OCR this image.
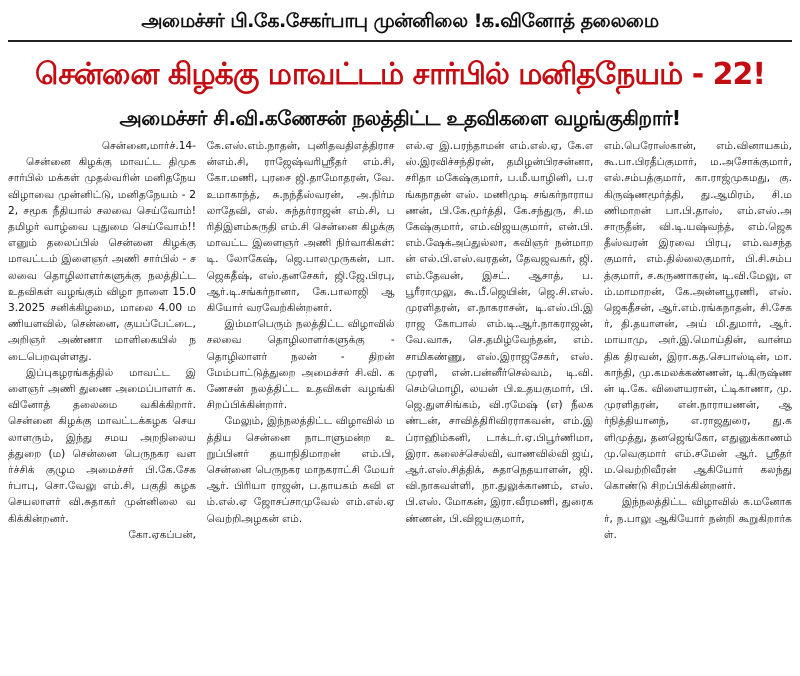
அமைச்சர் பி.கே.சேகர்பாபு முன்னிலை !க.வினோத் தலைமை
சென்னை கிழக்கு மாவட்டம் சார்பில் மனிதநேயம் - 22!
அமைச்சர் சி.வி.கணேசன் நலத்திட்ட உதவிகளை வழங்குகிறார்!

சென்னை,மார்ச்.14-

சென்னை கிழக்கு மாவட்ட திமுக சார்பில் மக்கள் முதல்வரின் மனிதநேய விழாவை முன்னிட்டு, மனிதநேயம் - 22, சமூக நீதியால் சலவை செய்வோம்! தமிழர் வாழ்வை புதுமை செய்வோம்!! எனும் தலைப்பில் சென்னை கிழக்கு மாவட்டம் இளைஞர் அணி சார்பில் - சலவை தொழிலாளர்களுக்கு நலத்திட்ட உதவிகள் வழங்கும் விழா நாளை 15.03.2025 சனிக்கிழமை, மாலை 4.00 மணியளவில், சென்னை, குயப்பேட்டை, அறிஞர் அண்ணா மாளிகையில் நடைபெறவுள்ளது.

இப்புகழரங்கத்தில் மாவட்ட இளைஞர் அணி துணை அமைப்பாளர் க. வினோத் தலைமை வகிக்கிறார். சென்னை கிழக்கு மாவட்டக்கழக செயலாளரும், இந்து சமய அறநிலையத்துறை (ம) சென்னை பெருநகர வளர்ச்சிக் குழும அமைச்சர் பி.கே.சேகர்பாபு, சொ.வேலு எம்.சி, பகுதி கழக செயலாளர் வி.சுதாகர் முன்னிலை வகிக்கின்றனர்.

கோ.ஏகப்பன்,

கே.எஸ்.எம்.நாதன், புனிதவதிஎத்திராசன்எம்.சி, ராஜேஷ்வரிஸ்ரீதர் எம்.சி, கோ.மணி, புரசை ஜி.தாமோதரன், வே.உமாகாந்த், சு.நந்தீஸ்வரன், அ.நிர்மலாதேவி, எல். சுந்தர்ராஜன் எம்.சி, பரிதிஇளம்சுருதி எம்.சி சென்னை கிழக்கு மாவட்ட இளைஞர் அணி நிர்வாகிகள்: டி. லோகேஷ், ஜெ.பாலமுருகன், பா.ஜெகதீஷ், எஸ்.தனசேகர், ஜி.ஜே.பிரபு, ஆர்.டி.சங்கர்நானா, கே.பாலாஜி ஆகியோர் வரவேற்கின்றனர்.

இம்மாபெரும் நலத்திட்ட விழாவில் சலவை தொழிலாளர்களுக்கு - தொழிலாளர் நலன் - திறன் மேம்பாட்டுத்துறை அமைச்சர் சி.வி. கணேசன் நலத்திட்ட உதவிகள் வழங்கி சிறப்பிக்கின்றார்.

மேலும், இந்நலத்திட்ட விழாவில் மத்திய சென்னை நாடாளுமன்ற உறுப்பினர் தயாநிதிமாறன் எம்.பி, சென்னை பெருநகர மாநகராட்சி மேயர் ஆர். பிரியா ராஜன், ப.தாயகம் கவி எம்.எல்.ஏ ஜோசப்சாமுவேல் எம்.எல்.ஏ வெற்றிஅழகன் எம்.

எல்.ஏ இ.பரந்தாமன் எம்.எல்.ஏ, கே.எஸ்.இரவிச்சந்திரன், தமிழன்பிரசன்னா, சரிதா மகேஷ்குமார், ப.மீ.யாழினி, ப.ரங்கநாதன் எஸ். மணிமுடி சங்கர்நாராயணன், பி.கே.மூர்த்தி, கே.சந்துரு, சி.மகேஷ்குமார், எம்.விஜயகுமார், என்.பி.எம்.ஷேக்அப்துல்லா, கவிஞர் நன்மாறன் எல்.பி.எஸ்.வரதன், தேவஜவகர், ஜி.எம்.தேவன், இசட். ஆசாத், ப.பூரீராமுலு, கூ.பீ.ஜெயின், ஜெ.சி.எஸ்.முரளிதரன், எ.நாகராசன், டி.எஸ்.பி.இராஜ கோபால் எம்.டி.ஆர்.நாகராஜன், வே.வாசு, செ.தமிழ்வேந்தன், எம்.சாமிகண்ணு, எஸ்.இராஜசேகர், எஸ்.முரளி, என்.பன்னீர்செல்வம், டி.வி.செம்மொழி, லயன் பி.உதயகுமார், பி.ஜெ.துளசிங்கம், வி.ரமேஷ் (எ) நீலகண்டன், சாவித்திரிவிரராகவன், எம்.இப்ராஹிம்கனி, டாக்டர்.ஏ.பிபூர்ணிமா, இரா. கலைச்செல்வி, வாணவில்வி ஜய், ஆர்.எஸ்.சித்திக், சுதாநெதயாளன், ஜி.வி.நாகவள்ளி, நா.துலுக்காணம், எஸ்.பி.எஸ். மோகன், இரா.வீரமணி, துரைகண்ணன், பி.விஜயகுமார்,

எம்.பெரோஸ்கான், எம்.வினாயகம், கூ.பா.பிரதீப்குமார், ம.அசோக்குமார், எல்.சம்பத்குமார், கா.ராஜ்முகமது, கு.கிருஷ்ணமூர்த்தி, து.ஆமிரம், சி.மணிமாறன் பா.பி.தாஸ், எம்.எஸ்.அசாருதீன், வி.டி.யஷ்வந்த், எம்.ஜெகதீஸ்வரன் இரவை பிரபு, எம்.வசந்த குமார், எம்.தில்லைகுமார், பி.சி.சம்பத்குமார், ச.கருணாகரன், டி.வி.மேலு, எம்.மாமாறன், கே.அன்னபூரணி, எஸ். ஜெகதீசன், ஆர்.எம்.ரங்கநாதன், சி.சேகர், தி.தயாளன், அய் மி.துமார், ஆர்.மாயாமு, அர்.இ.மொய்தின், வான்மதிக திரவன், இரா.கத.செபாஸ்டின், மா.காந்தி, மு.கமலக்கண்ணன், டி.கிருஷ்ணன் டி.கே. விளையரான், ட்டிகாணா, மு.முரளிதரன், என்.நாராயணன், ஆர்நித்தியானந், எ.ராஜதுரை, து.களிமுத்து, தனஜெங்கோ, எதுனுக்காணம் மு.வெகுமார் எம்.சமேன் ஆர். ஸ்ரீதர் ம.வெற்றிவீரன் ஆகியோர் கலந்து கொண்டு சிறப்பிக்கின்றனர்.

இந்நலத்திட்ட விழாவில் க.மனோகர், ந.பாலு ஆகியோர் நன்றி கூறுகிறார்கள்.
